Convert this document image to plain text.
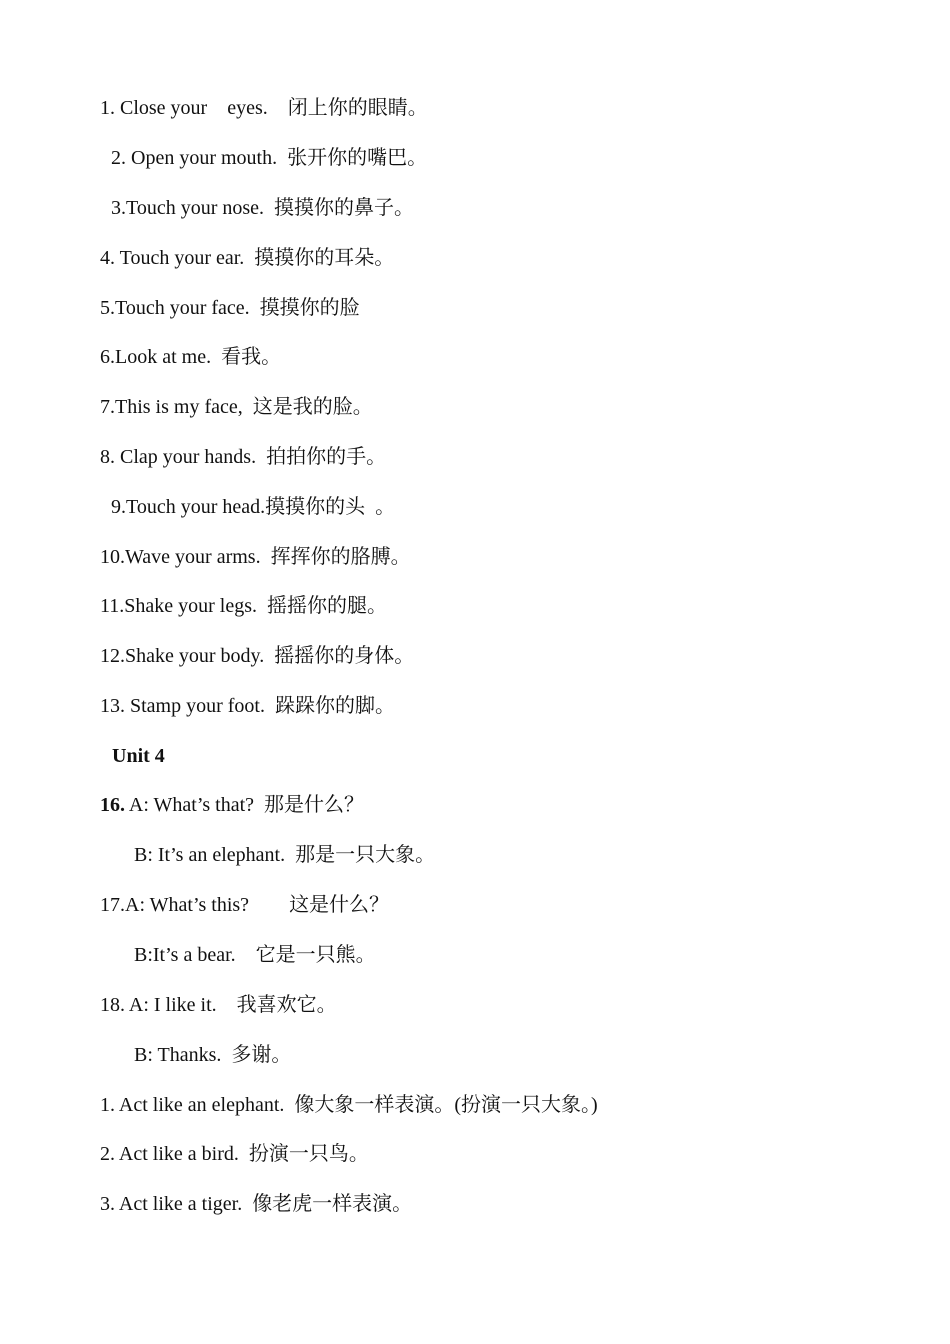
1. Close your    eyes.    闭上你的眼睛。
2. Open your mouth.  张开你的嘴巴。
3.Touch your nose.  摸摸你的鼻子。
4. Touch your ear.  摸摸你的耳朵。
5.Touch your face.  摸摸你的脸
6.Look at me.  看我。
7.This is my face,  这是我的脸。
8. Clap your hands.  拍拍你的手。
9.Touch your head.摸摸你的头  。
10.Wave your arms.  挥挥你的胳膊。
11.Shake your legs.  摇摇你的腿。
12.Shake your body.  摇摇你的身体。
13. Stamp your foot.  跺跺你的脚。
Unit 4
16. A: What’s that?  那是什么？
B: It’s an elephant.  那是一只大象。
17.A: What’s this?        这是什么？
B:It’s a bear.    它是一只熊。
18. A: I like it.    我喜欢它。
B: Thanks.  多谢。
1. Act like an elephant.  像大象一样表演。(扮演一只大象。)
2. Act like a bird.  扮演一只鸟。
3. Act like a tiger.  像老虎一样表演。
